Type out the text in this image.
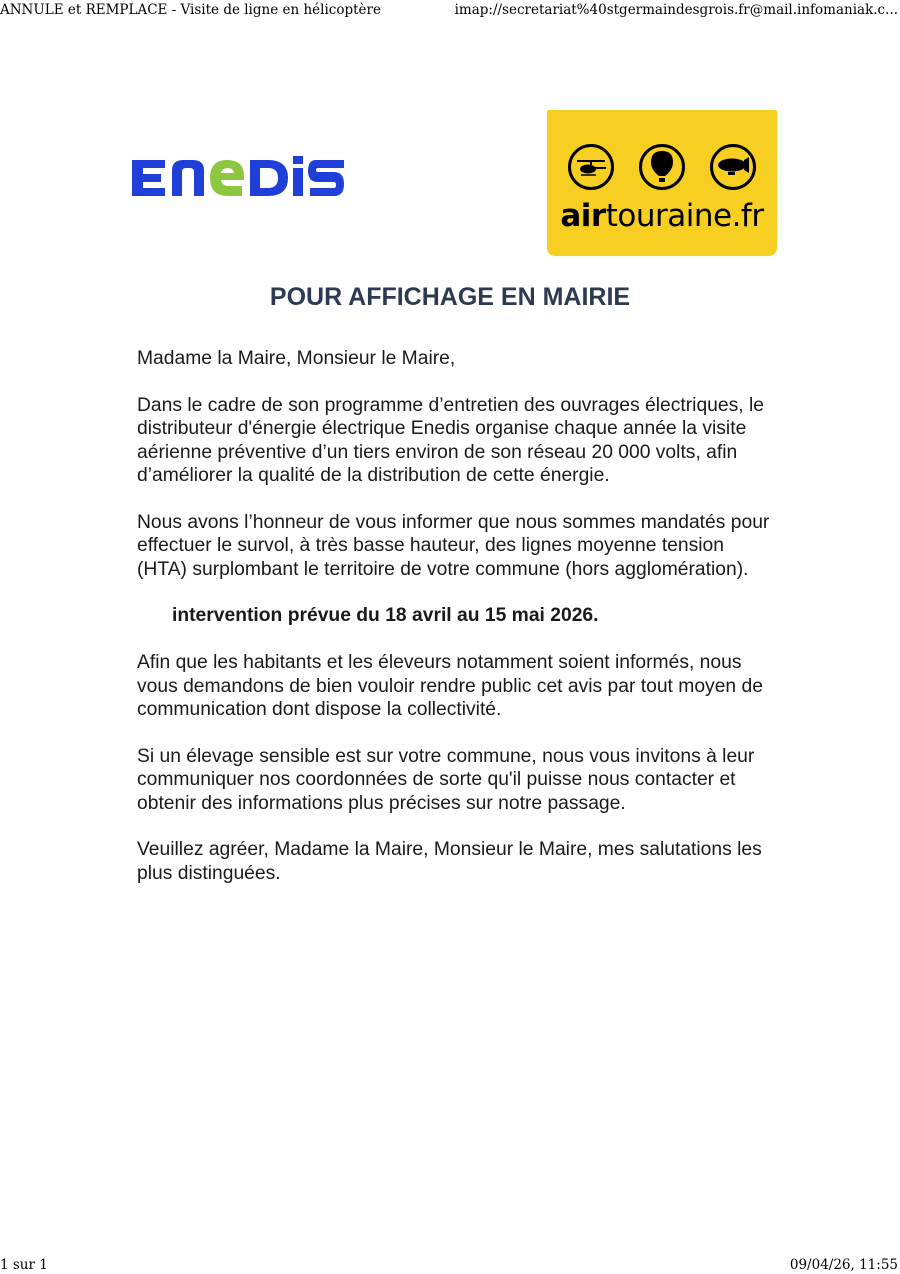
ANNULE et REMPLACE - Visite de ligne en hélicoptère	imap://secretariat%40stgermaindesgrois.fr@mail.infomaniak.c...
airtouraine.fr
POUR AFFICHAGE EN MAIRIE

Madame la Maire, Monsieur le Maire,

Dans le cadre de son programme d’entretien des ouvrages électriques, le distributeur d'énergie électrique Enedis organise chaque année la visite aérienne préventive d’un tiers environ de son réseau 20 000 volts, afin d’améliorer la qualité de la distribution de cette énergie.

Nous avons l’honneur de vous informer que nous sommes mandatés pour effectuer le survol, à très basse hauteur, des lignes moyenne tension (HTA) surplombant le territoire de votre commune (hors agglomération).

intervention prévue du 18 avril au 15 mai 2026.

Afin que les habitants et les éleveurs notamment soient informés, nous vous demandons de bien vouloir rendre public cet avis par tout moyen de communication dont dispose la collectivité.

Si un élevage sensible est sur votre commune, nous vous invitons à leur communiquer nos coordonnées de sorte qu'il puisse nous contacter et obtenir des informations plus précises sur notre passage.

Veuillez agréer, Madame la Maire, Monsieur le Maire, mes salutations les plus distinguées.

1 sur 1	09/04/26, 11:55
